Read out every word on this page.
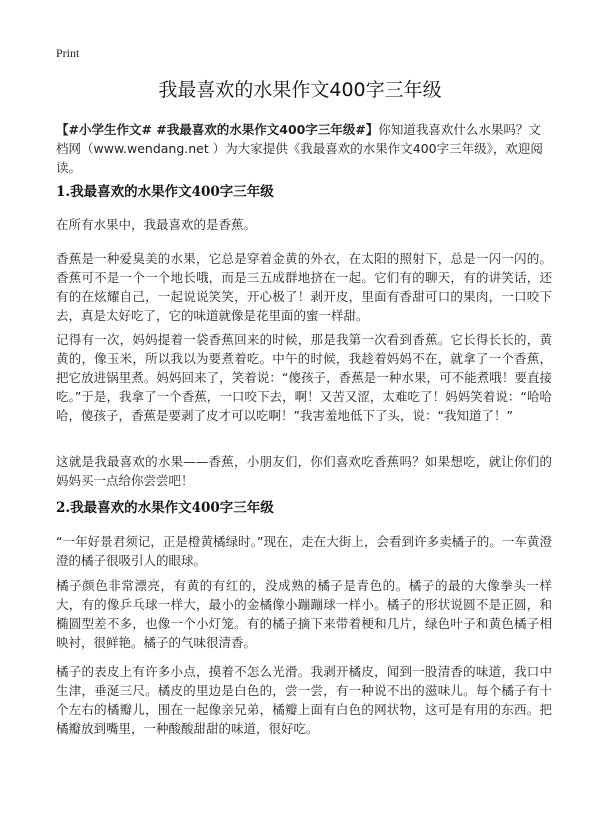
Print
我最喜欢的水果作文400字三年级
【#小学生作文# #我最喜欢的水果作文400字三年级#】你知道我喜欢什么水果吗？文档网（www.wendang.net ）为大家提供《我最喜欢的水果作文400字三年级》，欢迎阅读。
1.我最喜欢的水果作文400字三年级
在所有水果中，我最喜欢的是香蕉。
香蕉是一种爱臭美的水果，它总是穿着金黄的外衣，在太阳的照射下，总是一闪一闪的。香蕉可不是一个一个地长哦，而是三五成群地挤在一起。它们有的聊天，有的讲笑话，还有的在炫耀自己，一起说说笑笑，开心极了！剥开皮，里面有香甜可口的果肉，一口咬下去，真是太好吃了，它的味道就像是花里面的蜜一样甜。
记得有一次，妈妈提着一袋香蕉回来的时候，那是我第一次看到香蕉。它长得长长的，黄黄的，像玉米，所以我以为要煮着吃。中午的时候，我趁着妈妈不在，就拿了一个香蕉，把它放进锅里煮。妈妈回来了，笑着说：“傻孩子，香蕉是一种水果，可不能煮哦！要直接吃。”于是，我拿了一个香蕉，一口咬下去，啊！又苦又涩，太难吃了！妈妈笑着说：“哈哈哈，傻孩子，香蕉是要剥了皮才可以吃啊！”我害羞地低下了头，说：“我知道了！”
这就是我最喜欢的水果——香蕉，小朋友们，你们喜欢吃香蕉吗？如果想吃，就让你们的妈妈买一点给你尝尝吧！
2.我最喜欢的水果作文400字三年级
“一年好景君须记，正是橙黄橘绿时。”现在，走在大街上，会看到许多卖橘子的。一车黄澄澄的橘子很吸引人的眼球。
橘子颜色非常漂亮，有黄的有红的，没成熟的橘子是青色的。橘子的最的大像拳头一样大，有的像乒乓球一样大，最小的金橘像小蹦蹦球一样小。橘子的形状说圆不是正圆，和椭圆型差不多，也像一个小灯笼。有的橘子摘下来带着梗和几片，绿色叶子和黄色橘子相映衬，很鲜艳。橘子的气味很清香。
橘子的表皮上有许多小点，摸着不怎么光滑。我剥开橘皮，闻到一股清香的味道，我口中生津，垂涎三尺。橘皮的里边是白色的，尝一尝，有一种说不出的滋味儿。每个橘子有十个左右的橘瓣儿，围在一起像亲兄弟，橘瓣上面有白色的网状物，这可是有用的东西。把橘瓣放到嘴里，一种酸酸甜甜的味道，很好吃。
